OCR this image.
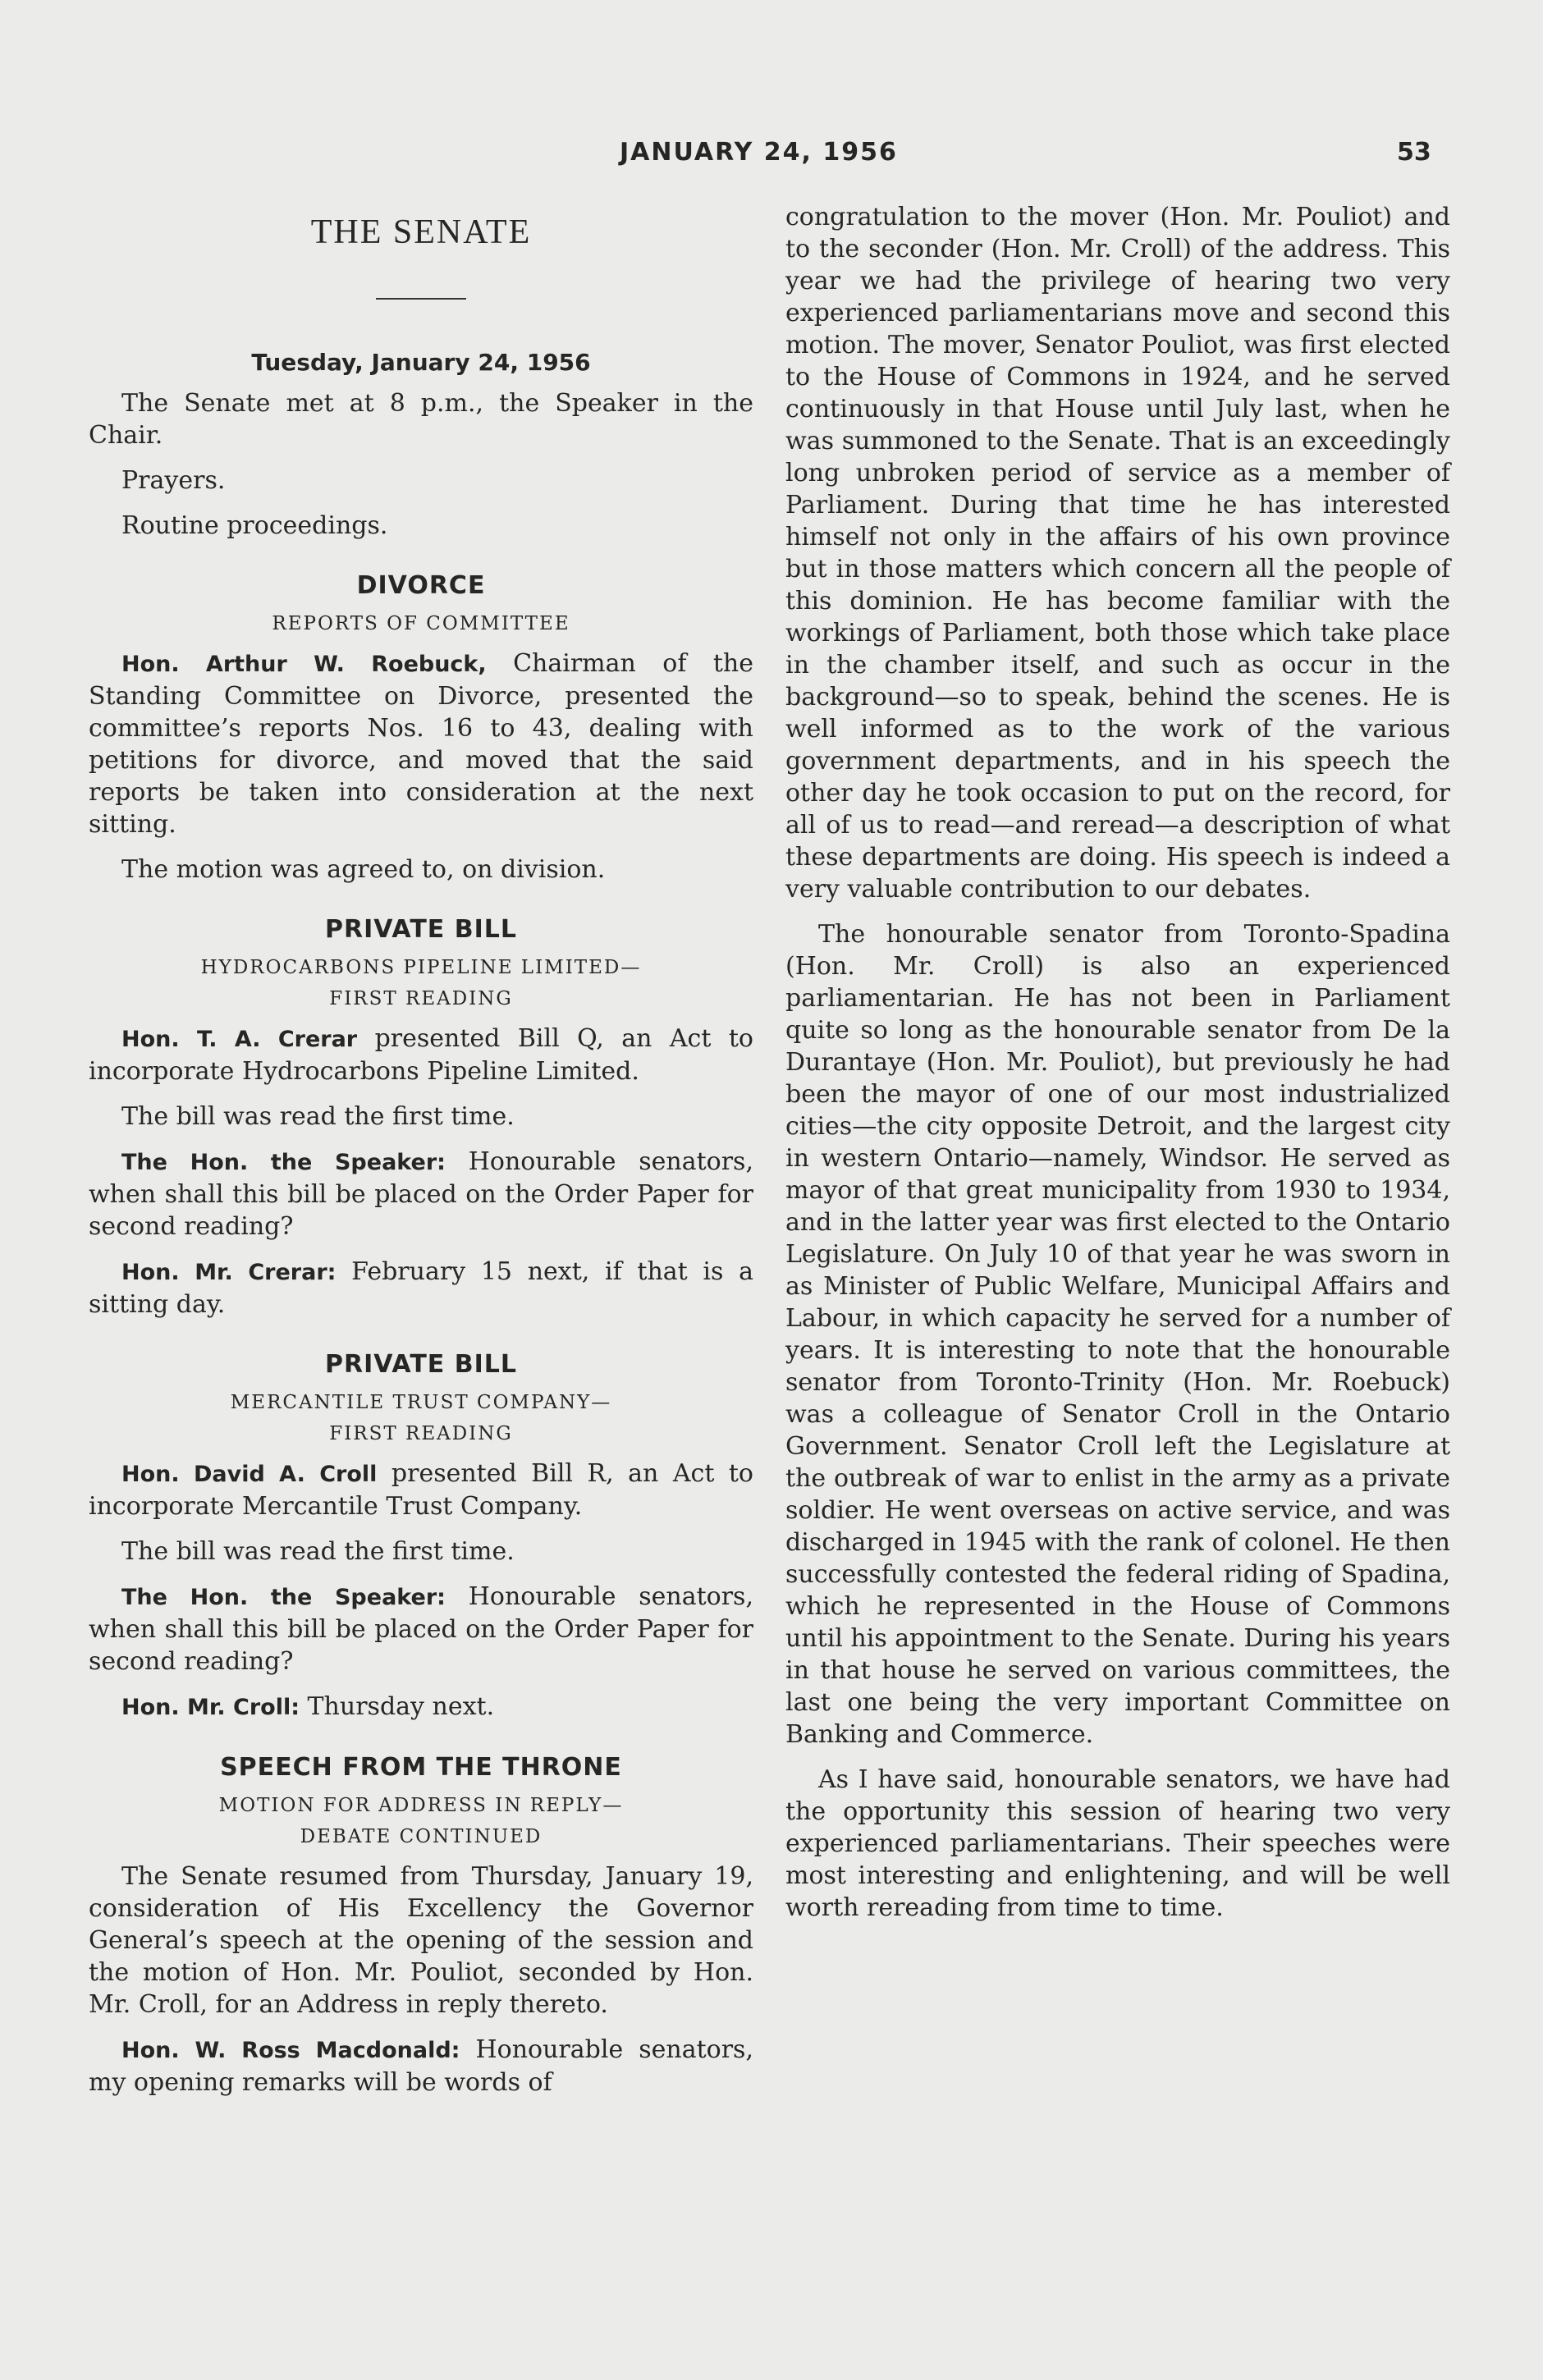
JANUARY 24, 1956	53
THE SENATE
Tuesday, January 24, 1956

The Senate met at 8 p.m., the Speaker in the Chair.

Prayers.

Routine proceedings.

DIVORCE
REPORTS OF COMMITTEE

Hon. Arthur W. Roebuck, Chairman of the Standing Committee on Divorce, presented the committee’s reports Nos. 16 to 43, dealing with petitions for divorce, and moved that the said reports be taken into consideration at the next sitting.

The motion was agreed to, on division.

PRIVATE BILL
HYDROCARBONS PIPELINE LIMITED—
FIRST READING

Hon. T. A. Crerar presented Bill Q, an Act to incorporate Hydrocarbons Pipeline Limited.

The bill was read the first time.

The Hon. the Speaker: Honourable senators, when shall this bill be placed on the Order Paper for second reading?

Hon. Mr. Crerar: February 15 next, if that is a sitting day.

PRIVATE BILL
MERCANTILE TRUST COMPANY—
FIRST READING

Hon. David A. Croll presented Bill R, an Act to incorporate Mercantile Trust Company.

The bill was read the first time.

The Hon. the Speaker: Honourable senators, when shall this bill be placed on the Order Paper for second reading?

Hon. Mr. Croll: Thursday next.

SPEECH FROM THE THRONE
MOTION FOR ADDRESS IN REPLY—
DEBATE CONTINUED

The Senate resumed from Thursday, January 19, consideration of His Excellency the Governor General’s speech at the opening of the session and the motion of Hon. Mr. Pouliot, seconded by Hon. Mr. Croll, for an Address in reply thereto.

Hon. W. Ross Macdonald: Honourable senators, my opening remarks will be words of

congratulation to the mover (Hon. Mr. Pouliot) and to the seconder (Hon. Mr. Croll) of the address. This year we had the privilege of hearing two very experienced parliamentarians move and second this motion. The mover, Senator Pouliot, was first elected to the House of Commons in 1924, and he served continuously in that House until July last, when he was summoned to the Senate. That is an exceedingly long unbroken period of service as a member of Parliament. During that time he has interested himself not only in the affairs of his own province but in those matters which concern all the people of this dominion. He has become familiar with the workings of Parliament, both those which take place in the chamber itself, and such as occur in the background—so to speak, behind the scenes. He is well informed as to the work of the various government departments, and in his speech the other day he took occasion to put on the record, for all of us to read—and reread—a description of what these departments are doing. His speech is indeed a very valuable contribution to our debates.

The honourable senator from Toronto-Spadina (Hon. Mr. Croll) is also an experienced parliamentarian. He has not been in Parliament quite so long as the honourable senator from De la Durantaye (Hon. Mr. Pouliot), but previously he had been the mayor of one of our most industrialized cities—the city opposite Detroit, and the largest city in western Ontario—namely, Windsor. He served as mayor of that great municipality from 1930 to 1934, and in the latter year was first elected to the Ontario Legislature. On July 10 of that year he was sworn in as Minister of Public Welfare, Municipal Affairs and Labour, in which capacity he served for a number of years. It is interesting to note that the honourable senator from Toronto-Trinity (Hon. Mr. Roebuck) was a colleague of Senator Croll in the Ontario Government. Senator Croll left the Legislature at the outbreak of war to enlist in the army as a private soldier. He went overseas on active service, and was discharged in 1945 with the rank of colonel. He then successfully contested the federal riding of Spadina, which he represented in the House of Commons until his appointment to the Senate. During his years in that house he served on various committees, the last one being the very important Committee on Banking and Commerce.

As I have said, honourable senators, we have had the opportunity this session of hearing two very experienced parliamentarians. Their speeches were most interesting and enlightening, and will be well worth rereading from time to time.
